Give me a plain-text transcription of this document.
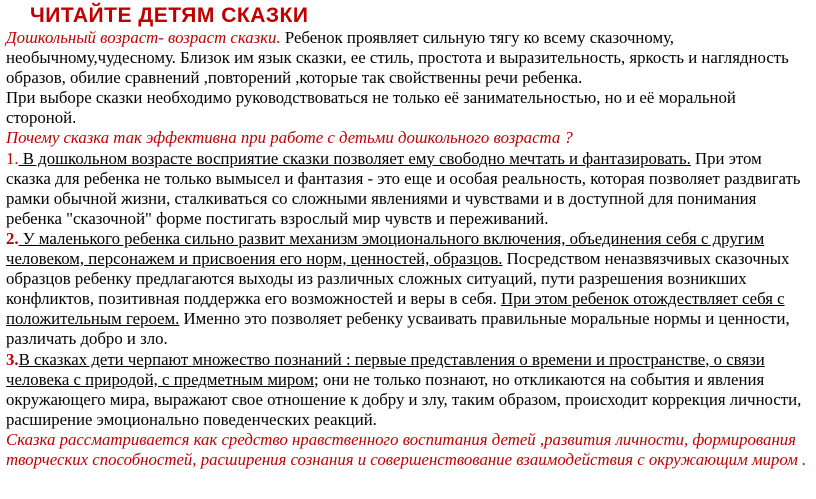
ЧИТАЙТЕ ДЕТЯМ СКАЗКИ

Дошкольный возраст- возраст сказки. Ребенок проявляет сильную тягу ко всему сказочному, необычному,чудесному. Близок им язык сказки, ее стиль, простота и выразительность, яркость и наглядность образов, обилие сравнений ,повторений ,которые так свойственны речи ребенка.

При выборе сказки необходимо руководствоваться не только её занимательностью, но и её моральной стороной.

Почему сказка так эффективна при работе с детьми дошкольного возраста ?

1. В дошкольном возрасте восприятие сказки позволяет ему свободно мечтать и фантазировать. При этом сказка для ребенка не только вымысел и фантазия - это еще и особая реальность, которая позволяет раздвигать рамки обычной жизни, сталкиваться со сложными явлениями и чувствами и в доступной для понимания ребенка "сказочной" форме постигать взрослый мир чувств и переживаний.

2. У маленького ребенка сильно развит механизм эмоционального включения, объединения себя с другим человеком, персонажем и присвоения его норм, ценностей, образцов. Посредством неназвязчивых сказочных образцов ребенку предлагаются выходы из различных сложных ситуаций, пути разрешения возникших конфликтов, позитивная поддержка его возможностей и веры в себя. При этом ребенок отождествляет себя с положительным героем. Именно это позволяет ребенку усваивать правильные моральные нормы и ценности, различать добро и зло.

3.В сказках дети черпают множество познаний : первые представления о времени и пространстве, о связи человека с природой, с предметным миром; они не только познают, но откликаются на события и явления окружающего мира, выражают свое отношение к добру и злу, таким образом, происходит коррекция личности, расширение эмоционально поведенческих реакций.

Сказка рассматривается как средство нравственного воспитания детей ,развития личности, формирования творческих способностей, расширения сознания и совершенствование взаимодействия с окружающим миром .
